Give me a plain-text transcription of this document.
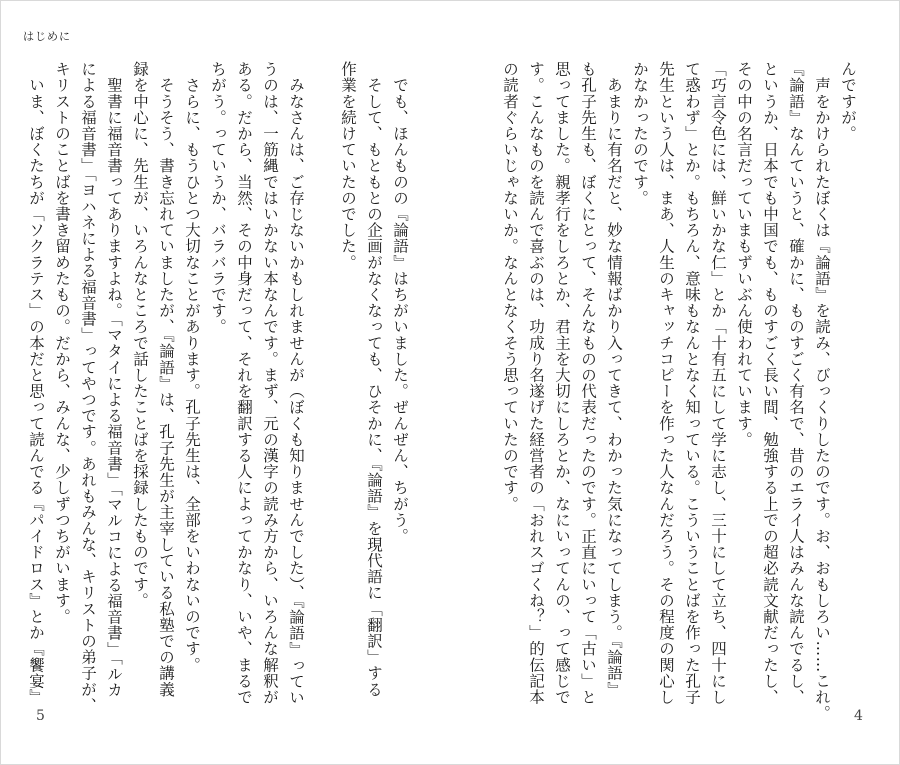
はじめに
んですが。
　声をかけられたぼくは『論語』を読み、びっくりしたのです。お、おもしろい……これ。
『論語』なんていうと、確かに、ものすごく有名で、昔のエライ人はみんな読んでるし、
というか、日本でも中国でも、ものすごく長い間、勉強する上での超必読文献だったし、
その中の名言だっていまもずいぶん使われています。
「巧言令色には、鮮いかな仁」とか「十有五にして学に志し、三十にして立ち、四十にし
て惑わず」とか。もちろん、意味もなんとなく知っている。こういうことばを作った孔子
先生という人は、まあ、人生のキャッチコピーを作った人なんだろう。その程度の関心し
かなかったのです。
　あまりに有名だと、妙な情報ばかり入ってきて、わかった気になってしまう。『論語』
も孔子先生も、ぼくにとって、そんなものの代表だったのです。正直にいって「古い」と
思ってました。親孝行をしろとか、君主を大切にしろとか、なにいってんの、って感じで
す。こんなものを読んで喜ぶのは、功成り名遂げた経営者の「おれスゴくね？」的伝記本
の読者ぐらいじゃないか。なんとなくそう思っていたのです。
　でも、ほんものの『論語』はちがいました。ぜんぜん、ちがう。
　そして、もともとの企画がなくなっても、ひそかに、『論語』を現代語に「翻訳」する
作業を続けていたのでした。

　みなさんは、ご存じないかもしれませんが（ぼくも知りませんでした）、『論語』ってい
うのは、一筋縄ではいかない本なんです。まず、元の漢字の読み方から、いろんな解釈が
ある。だから、当然、その中身だって、それを翻訳する人によってかなり、いや、まるで
ちがう。っていうか、バラバラです。
　さらに、もうひとつ大切なことがあります。孔子先生は、全部をいわないのです。
　そうそう、書き忘れていましたが、『論語』は、孔子先生が主宰している私塾での講義
録を中心に、先生が、いろんなところで話したことばを採録したものです。
　聖書に福音書ってありますよね。「マタイによる福音書」「マルコによる福音書」「ルカ
による福音書」「ヨハネによる福音書」ってやつです。あれもみんな、キリストの弟子が、
キリストのことばを書き留めたもの。だから、みんな、少しずつちがいます。
　いま、ぼくたちが「ソクラテス」の本だと思って読んでる『パイドロス』とか『饗宴』
5	4
